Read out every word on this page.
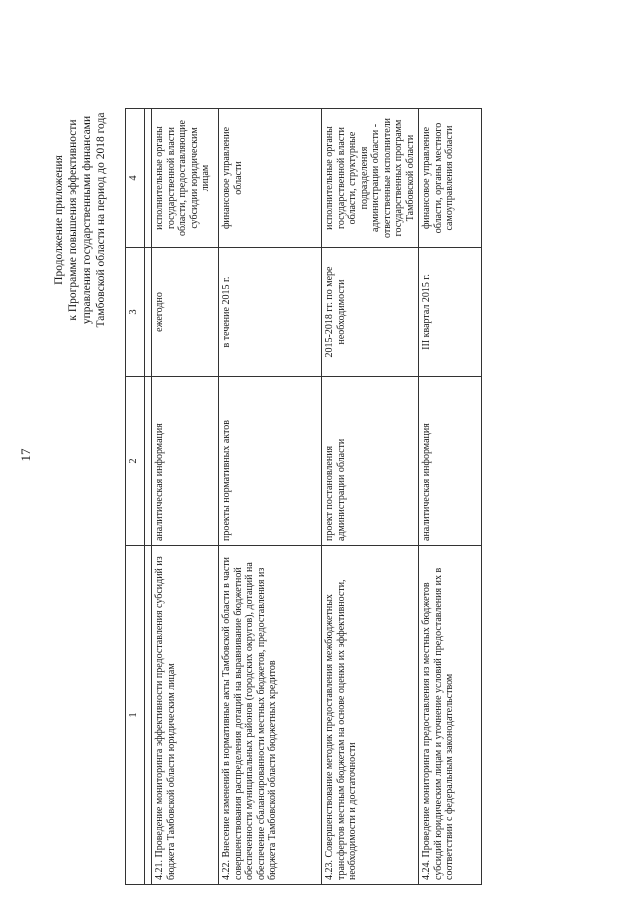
17
Продолжение приложения к Программе повышения эффективности управления государственными финансами Тамбовской области на период до 2018 года
1	2	3	4

4.21. Проведение мониторинга эффективности предоставления субсидий из бюджета Тамбовской области юридическим лицам	аналитическая информация	ежегодно	исполнительные органы государственной власти области, предоставляющие субсидии юридическим лицам
4.22. Внесение изменений в нормативные акты Тамбовской области в части совершенствования распределения дотаций на выравнивание бюджетной обеспеченности муниципальных районов (городских округов), дотаций на обеспечение сбалансированности местных бюджетов, предоставления из бюджета Тамбовской области бюджетных кредитов	проекты нормативных актов	в течение 2015 г.	финансовое управление области
4.23. Совершенствование методик предоставления межбюджетных трансфертов местным бюджетам на основе оценки их эффективности, необходимости и достаточности	проект постановления администрации области	2015-2018 гг. по мере необходимости	исполнительные органы государственной власти области, структурные подразделения администрации области - ответственные исполнители государственных программ Тамбовской области
4.24. Проведение мониторинга предоставления из местных бюджетов субсидий юридическим лицам и уточнение условий предоставления их в соответствии с федеральным законодательством	аналитическая информация	III квартал 2015 г.	финансовое управление области, органы местного самоуправления области
